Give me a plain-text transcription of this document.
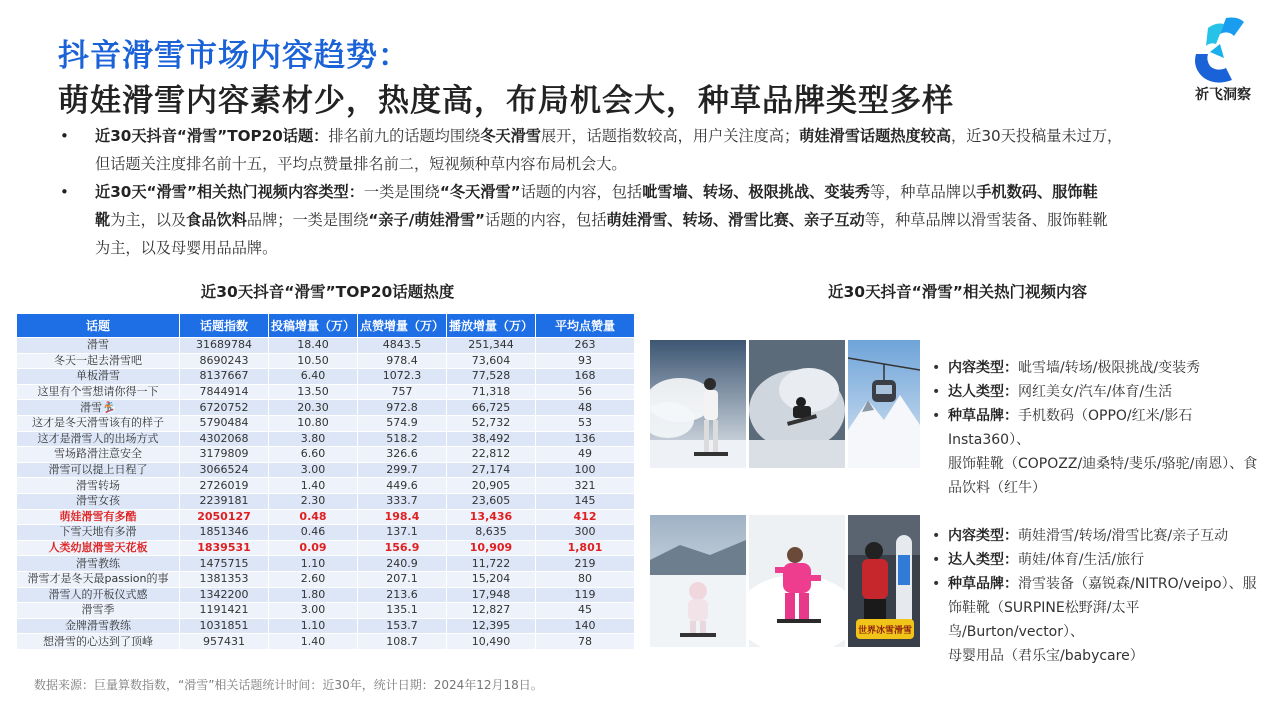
抖音滑雪市场内容趋势：
萌娃滑雪内容素材少，热度高，布局机会大，种草品牌类型多样	祈飞洞察
• 近30天抖音“滑雪”TOP20话题：排名前九的话题均围绕冬天滑雪展开，话题指数较高，用户关注度高；萌娃滑雪话题热度较高，近30天投稿量未过万，
但话题关注度排名前十五，平均点赞量排名前二，短视频种草内容布局机会大。
• 近30天“滑雪”相关热门视频内容类型：一类是围绕“冬天滑雪”话题的内容，包括呲雪墙、转场、极限挑战、变装秀等，种草品牌以手机数码、服饰鞋
靴为主，以及食品饮料品牌；一类是围绕“亲子/萌娃滑雪”话题的内容，包括萌娃滑雪、转场、滑雪比赛、亲子互动等，种草品牌以滑雪装备、服饰鞋靴
为主，以及母婴用品品牌。
近30天抖音“滑雪”TOP20话题热度	近30天抖音“滑雪”相关热门视频内容
话题	话题指数	投稿增量（万）	点赞增量（万）	播放增量（万）	平均点赞量
滑雪	31689784	18.40	4843.5	251,344	263
冬天一起去滑雪吧	8690243	10.50	978.4	73,604	93
单板滑雪	8137667	6.40	1072.3	77,528	168
这里有个雪想请你得一下	7844914	13.50	757	71,318	56
滑雪🏂	6720752	20.30	972.8	66,725	48
这才是冬天滑雪该有的样子	5790484	10.80	574.9	52,732	53
这才是滑雪人的出场方式	4302068	3.80	518.2	38,492	136
雪场路滑注意安全	3179809	6.60	326.6	22,812	49
滑雪可以提上日程了	3066524	3.00	299.7	27,174	100
滑雪转场	2726019	1.40	449.6	20,905	321
滑雪女孩	2239181	2.30	333.7	23,605	145
萌娃滑雪有多酷	2050127	0.48	198.4	13,436	412
下雪天地有多滑	1851346	0.46	137.1	8,635	300
人类幼崽滑雪天花板	1839531	0.09	156.9	10,909	1,801
滑雪教练	1475715	1.10	240.9	11,722	219
滑雪才是冬天最passion的事	1381353	2.60	207.1	15,204	80
滑雪人的开板仪式感	1342200	1.80	213.6	17,948	119
滑雪季	1191421	3.00	135.1	12,827	45
金牌滑雪教练	1031851	1.10	153.7	12,395	140
想滑雪的心达到了顶峰	957431	1.40	108.7	10,490	78
世界冰雪滑雪
• 内容类型：呲雪墙/转场/极限挑战/变装秀
• 达人类型：网红美女/汽车/体育/生活
• 种草品牌：手机数码（OPPO/红米/影石Insta360）、
服饰鞋靴（COPOZZ/迪桑特/斐乐/骆驼/南恩）、食
品饮料（红牛）
• 内容类型：萌娃滑雪/转场/滑雪比赛/亲子互动
• 达人类型：萌娃/体育/生活/旅行
• 种草品牌：滑雪装备（嘉锐森/NITRO/veipo）、服
饰鞋靴（SURPINE松野湃/太平鸟/Burton/vector）、
母婴用品（君乐宝/babycare）
数据来源：巨量算数指数，“滑雪”相关话题统计时间：近30年，统计日期：2024年12月18日。
